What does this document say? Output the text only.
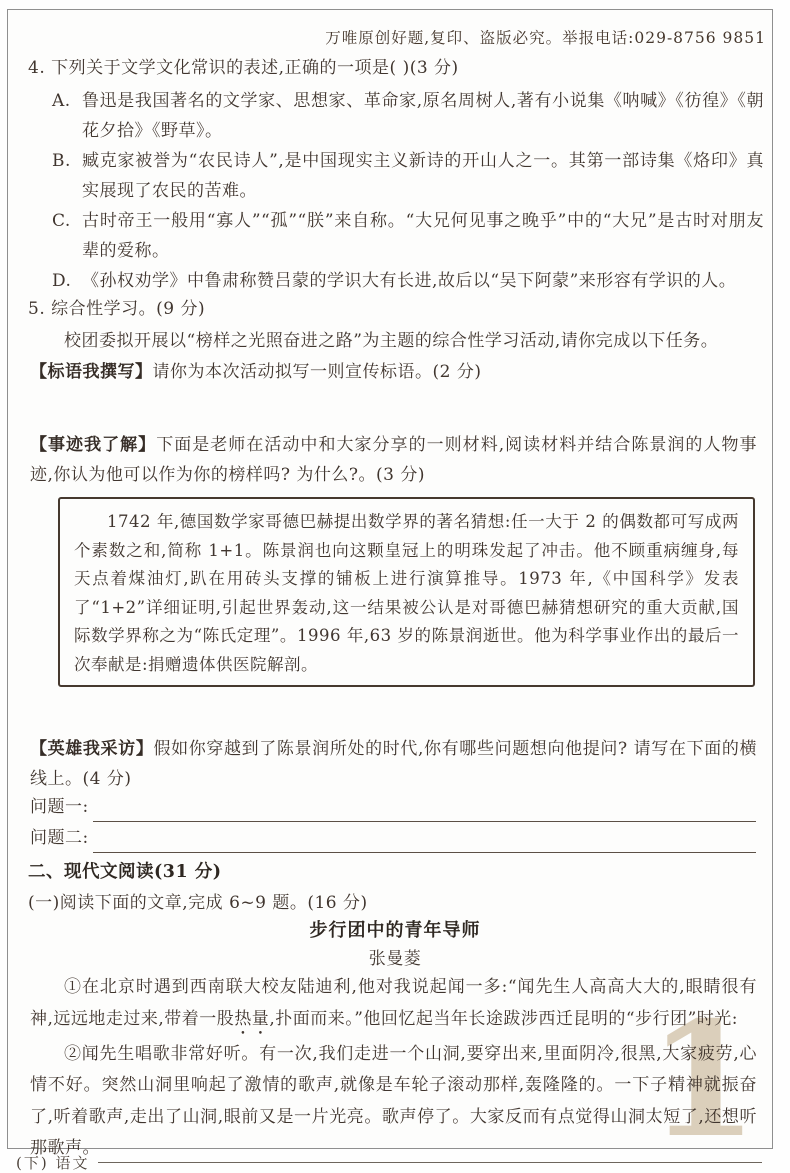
1
万唯原创好题,复印、盗版必究。举报电话:029-8756 9851
4. 下列关于文学文化常识的表述,正确的一项是( )(3 分)
A. 鲁迅是我国著名的文学家、思想家、革命家,原名周树人,著有小说集《呐喊》《彷徨》《朝花夕拾》《野草》。
B. 臧克家被誉为“农民诗人”,是中国现实主义新诗的开山人之一。其第一部诗集《烙印》真实展现了农民的苦难。
C. 古时帝王一般用“寡人”“孤”“朕”来自称。“大兄何见事之晚乎”中的“大兄”是古时对朋友辈的爱称。
D. 《孙权劝学》中鲁肃称赞吕蒙的学识大有长进,故后以“吴下阿蒙”来形容有学识的人。
5. 综合性学习。(9 分)
校团委拟开展以“榜样之光照奋进之路”为主题的综合性学习活动,请你完成以下任务。
【标语我撰写】请你为本次活动拟写一则宣传标语。(2 分)
【事迹我了解】下面是老师在活动中和大家分享的一则材料,阅读材料并结合陈景润的人物事迹,你认为他可以作为你的榜样吗? 为什么?。(3 分)
1742 年,德国数学家哥德巴赫提出数学界的著名猜想:任一大于 2 的偶数都可写成两个素数之和,简称 1+1。陈景润也向这颗皇冠上的明珠发起了冲击。他不顾重病缠身,每天点着煤油灯,趴在用砖头支撑的铺板上进行演算推导。1973 年,《中国科学》发表了“1+2”详细证明,引起世界轰动,这一结果被公认是对哥德巴赫猜想研究的重大贡献,国际数学界称之为“陈氏定理”。1996 年,63 岁的陈景润逝世。他为科学事业作出的最后一次奉献是:捐赠遗体供医院解剖。
【英雄我采访】假如你穿越到了陈景润所处的时代,你有哪些问题想向他提问? 请写在下面的横线上。(4 分)
问题一:
问题二:
二、现代文阅读(31 分)
(一)阅读下面的文章,完成 6~9 题。(16 分)
步行团中的青年导师
张曼菱

①在北京时遇到西南联大校友陆迪利,他对我说起闻一多:“闻先生人高高大大的,眼睛很有神,远远地走过来,带着一股热量,扑面而来。”他回忆起当年长途跋涉西迁昆明的“步行团”时光:

②闻先生唱歌非常好听。有一次,我们走进一个山洞,要穿出来,里面阴冷,很黑,大家疲劳,心情不好。突然山洞里响起了激情的歌声,就像是车轮子滚动那样,轰隆隆的。一下子精神就振奋了,听着歌声,走出了山洞,眼前又是一片光亮。歌声停了。大家反而有点觉得山洞太短了,还想听那歌声。

(下) 语文
